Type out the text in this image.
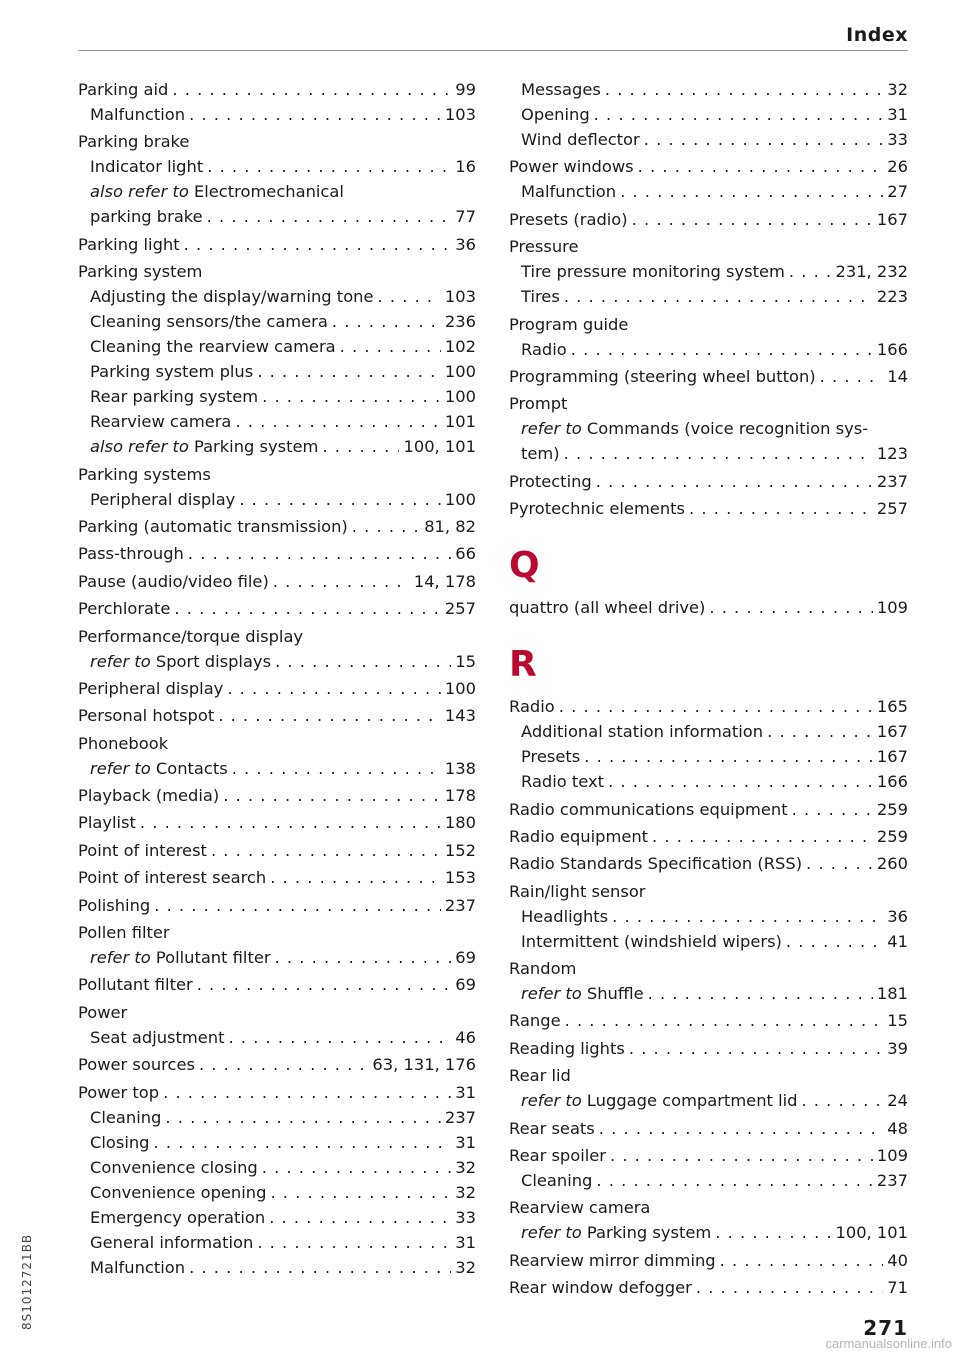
Index
Parking aid . . .	99
Malfunction . . .	103
Parking brake
Indicator light . . .	16
also refer to Electromechanical
parking brake . . .	77
Parking light . . .	36
Parking system
Adjusting the display/warning tone . . .	103
Cleaning sensors/the camera . . .	236
Cleaning the rearview camera . . .	102
Parking system plus . . .	100
Rear parking system . . .	100
Rearview camera . . .	101
also refer to Parking system . . .	100, 101
Parking systems
Peripheral display . . .	100
Parking (automatic transmission) . . .	81, 82
Pass-through . . .	66
Pause (audio/video file) . . .	14, 178
Perchlorate . . .	257
Performance/torque display
refer to Sport displays . . .	15
Peripheral display . . .	100
Personal hotspot . . .	143
Phonebook
refer to Contacts . . .	138
Playback (media) . . .	178
Playlist . . .	180
Point of interest . . .	152
Point of interest search . . .	153
Polishing . . .	237
Pollen filter
refer to Pollutant filter . . .	69
Pollutant filter . . .	69
Power
Seat adjustment . . .	46
Power sources . . .	63, 131, 176
Power top . . .	31
Cleaning . . .	237
Closing . . .	31
Convenience closing . . .	32
Convenience opening . . .	32
Emergency operation . . .	33
General information . . .	31
Malfunction . . .	32
Messages . . .	32
Opening . . .	31
Wind deflector . . .	33
Power windows . . .	26
Malfunction . . .	27
Presets (radio) . . .	167
Pressure
Tire pressure monitoring system . . .	231, 232
Tires . . .	223
Program guide
Radio . . .	166
Programming (steering wheel button) . . .	14
Prompt
refer to Commands (voice recognition sys-
tem) . . .	123
Protecting . . .	237
Pyrotechnic elements . . .	257
Q
quattro (all wheel drive) . . .	109
R
Radio . . .	165
Additional station information . . .	167
Presets . . .	167
Radio text . . .	166
Radio communications equipment . . .	259
Radio equipment . . .	259
Radio Standards Specification (RSS) . . .	260
Rain/light sensor
Headlights . . .	36
Intermittent (windshield wipers) . . .	41
Random
refer to Shuffle . . .	181
Range . . .	15
Reading lights . . .	39
Rear lid
refer to Luggage compartment lid . . .	24
Rear seats . . .	48
Rear spoiler . . .	109
Cleaning . . .	237
Rearview camera
refer to Parking system . . .	100, 101
Rearview mirror dimming . . .	40
Rear window defogger . . .	71
271
8S1012721BB
carmanualsonline.info
